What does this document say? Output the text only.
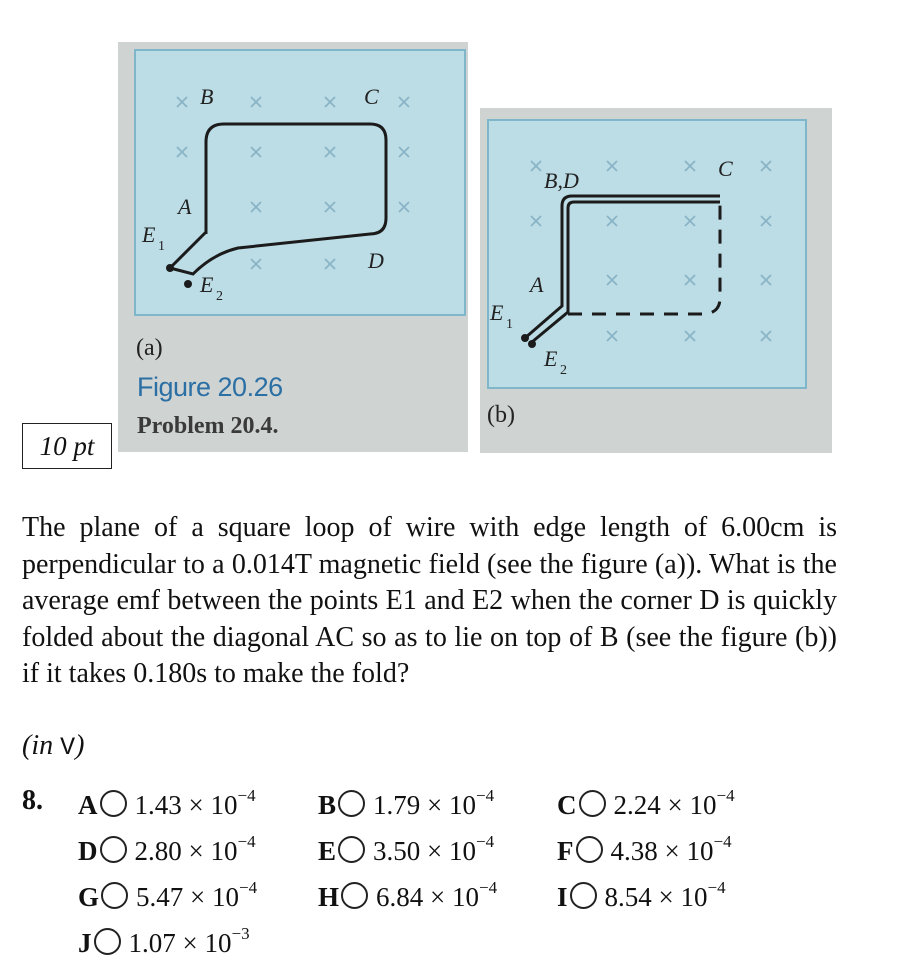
B	C
D
A
E 1
E 2
(a)
B,D	C
A
E 1
E 2
Figure 20.26
Problem 20.4.	(b)
10 pt
The plane of a square loop of wire with edge length of 6.00cm is perpendicular to a 0.014T magnetic field (see the figure (a)). What is the average emf between the points E1 and E2 when the corner D is quickly folded about the diagonal AC so as to lie on top of B (see the figure (b)) if it takes 0.180s to make the fold?
(in V)
8. A $1.43 \times 10^{-4}$ B $1.79 \times 10^{-4}$ C $2.24 \times 10^{-4}$
D $2.80 \times 10^{-4}$ E $3.50 \times 10^{-4}$ F $4.38 \times 10^{-4}$
G $5.47 \times 10^{-4}$ H $6.84 \times 10^{-4}$ I $8.54 \times 10^{-4}$
J $1.07 \times 10^{-3}$
